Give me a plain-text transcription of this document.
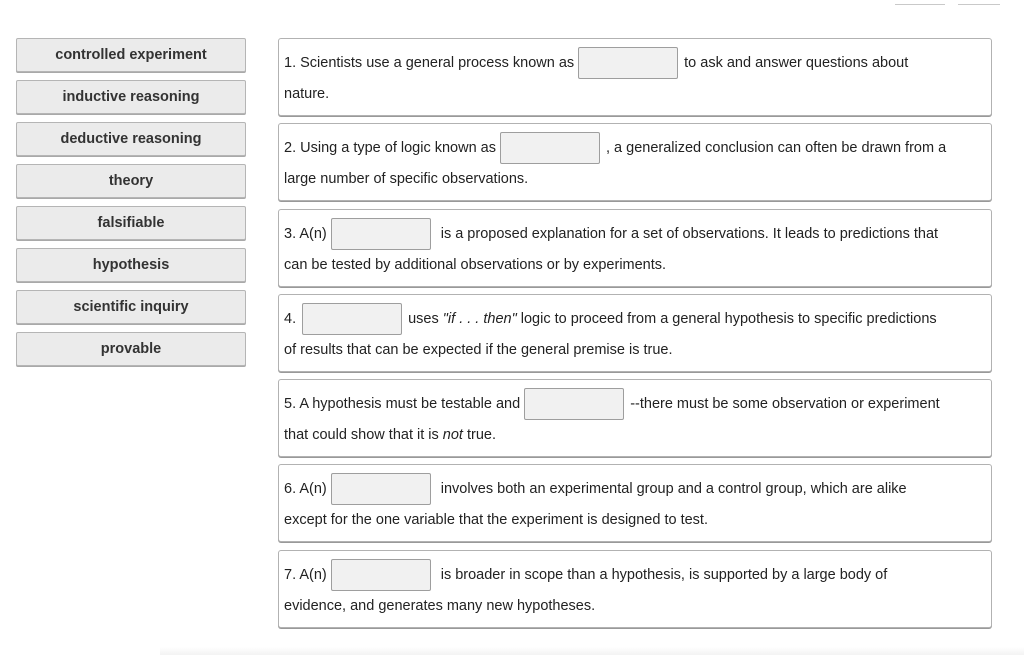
controlled experiment
inductive reasoning
deductive reasoning
theory
falsifiable
hypothesis
scientific inquiry
provable
1. Scientists use a general process known as	to ask and answer questions about
nature.
2. Using a type of logic known as	, a generalized conclusion can often be drawn from a
large number of specific observations.
3. A(n)	is a proposed explanation for a set of observations. It leads to predictions that
can be tested by additional observations or by experiments.
4.	uses "if . . . then" logic to proceed from a general hypothesis to specific predictions
of results that can be expected if the general premise is true.
5. A hypothesis must be testable and	--there must be some observation or experiment
that could show that it is not true.
6. A(n)	involves both an experimental group and a control group, which are alike
except for the one variable that the experiment is designed to test.
7. A(n)	is broader in scope than a hypothesis, is supported by a large body of
evidence, and generates many new hypotheses.
